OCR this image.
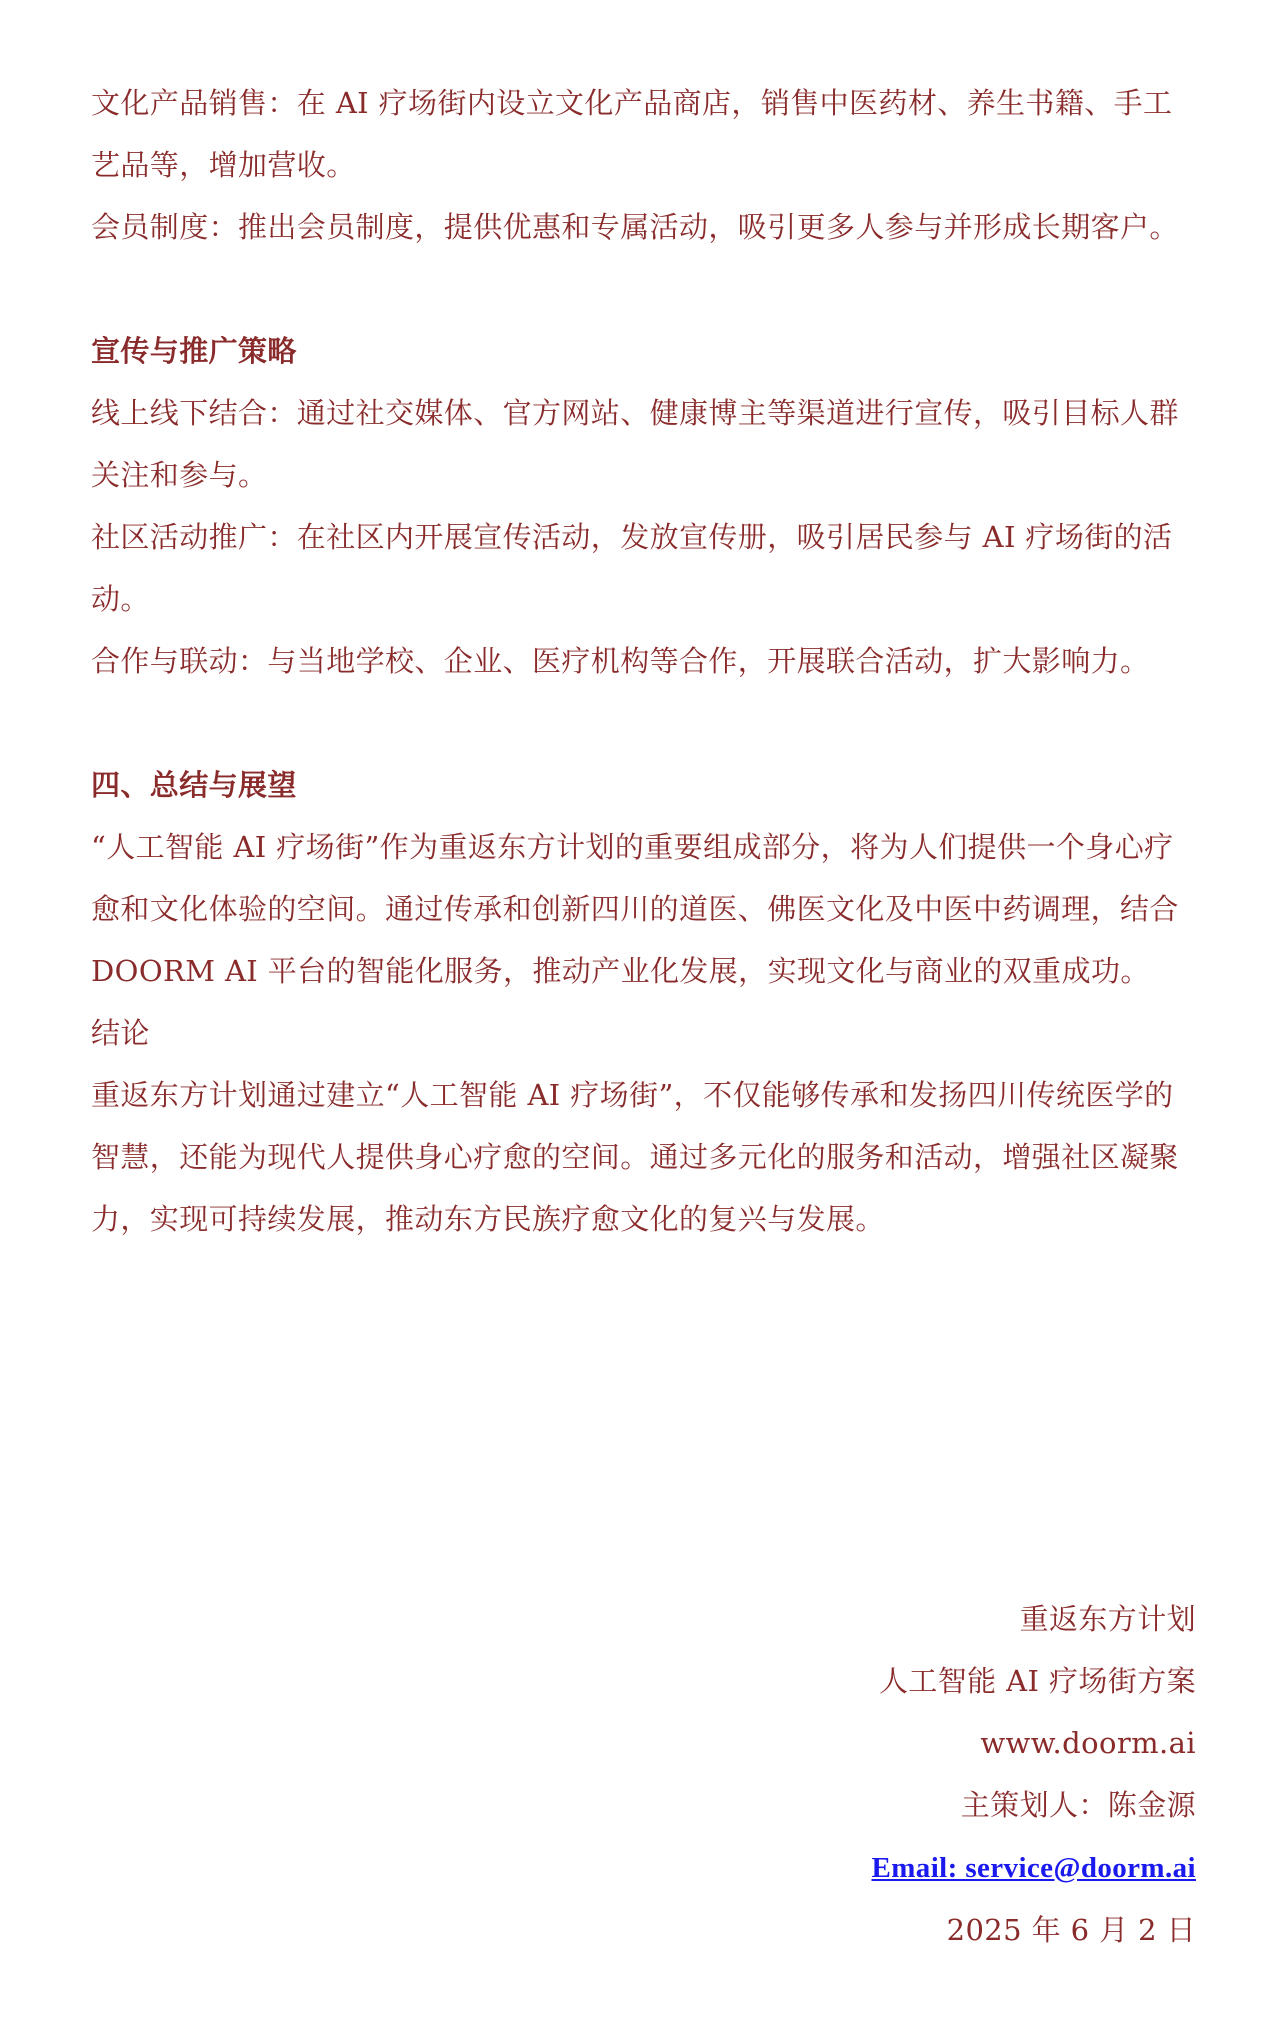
文化产品销售：在 AI 疗场街内设立文化产品商店，销售中医药材、养生书籍、手工艺品等，增加营收。

会员制度：推出会员制度，提供优惠和专属活动，吸引更多人参与并形成长期客户。

宣传与推广策略

线上线下结合：通过社交媒体、官方网站、健康博主等渠道进行宣传，吸引目标人群关注和参与。

社区活动推广：在社区内开展宣传活动，发放宣传册，吸引居民参与 AI 疗场街的活动。

合作与联动：与当地学校、企业、医疗机构等合作，开展联合活动，扩大影响力。

四、总结与展望

“人工智能 AI 疗场街”作为重返东方计划的重要组成部分，将为人们提供一个身心疗愈和文化体验的空间。通过传承和创新四川的道医、佛医文化及中医中药调理，结合 DOORM AI 平台的智能化服务，推动产业化发展，实现文化与商业的双重成功。

结论

重返东方计划通过建立“人工智能 AI 疗场街”，不仅能够传承和发扬四川传统医学的智慧，还能为现代人提供身心疗愈的空间。通过多元化的服务和活动，增强社区凝聚力，实现可持续发展，推动东方民族疗愈文化的复兴与发展。

重返东方计划

人工智能 AI 疗场街方案

www.doorm.ai

主策划人：陈金源

Email: service@doorm.ai

2025 年 6 月 2 日
